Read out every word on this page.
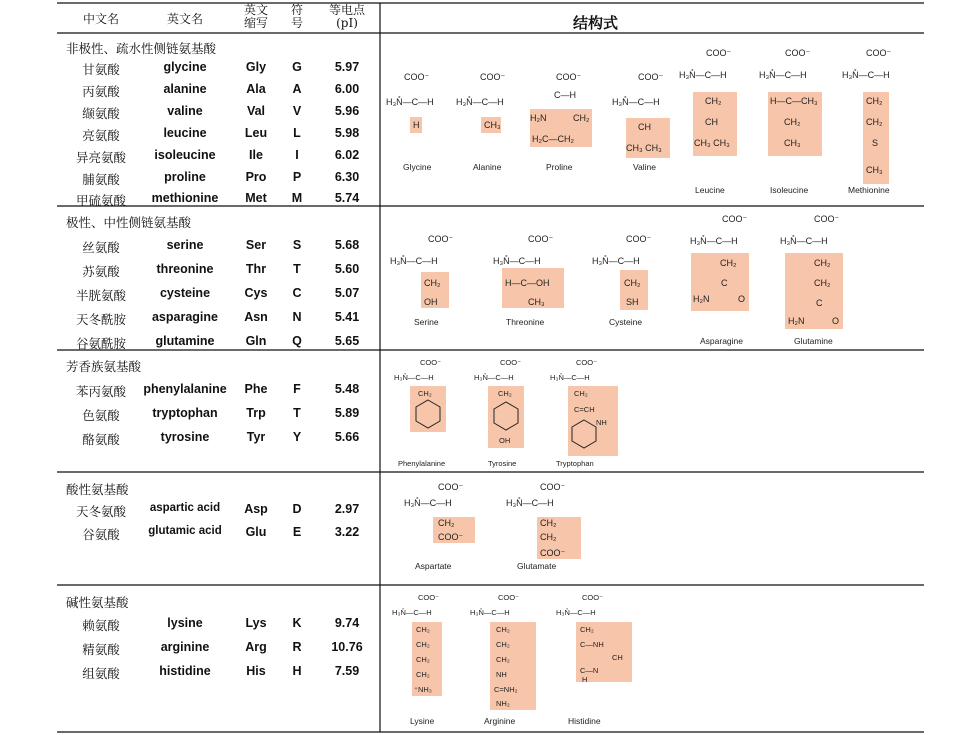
中文名	英文名
英文
缩写
符
号
等电点
(pI)	结构式
非极性、疏水性侧链氨基酸
极性、中性侧链氨基酸
芳香族氨基酸
酸性氨基酸
碱性氨基酸
甘氨酸	glycine	Gly	G	5.97
丙氨酸	alanine	Ala	A	6.00
缬氨酸	valine	Val	V	5.96
亮氨酸	leucine	Leu	L	5.98
异亮氨酸	isoleucine	Ile	I	6.02
脯氨酸	proline	Pro	P	6.30
甲硫氨酸	methionine	Met	M	5.74
丝氨酸	serine	Ser	S	5.68
苏氨酸	threonine	Thr	T	5.60
半胱氨酸	cysteine	Cys	C	5.07
天冬酰胺	asparagine	Asn	N	5.41
谷氨酰胺	glutamine	Gln	Q	5.65
苯丙氨酸	phenylalanine	Phe	F	5.48
色氨酸	tryptophan	Trp	T	5.89
酪氨酸	tyrosine	Tyr	Y	5.66
天冬氨酸	aspartic acid	Asp	D	2.97
谷氨酸	glutamic acid	Glu	E	3.22
赖氨酸	lysine	Lys	K	9.74
精氨酸	arginine	Arg	R	10.76
组氨酸	histidine	His	H	7.59
COO⁻
H₃N̊—C—H
H
COO⁻
H₃N̊—C—H
CH₃
COO⁻
C—H
H₂N	CH₂
H₂C—CH₂
COO⁻
H₃N̊—C—H
CH
CH₃ CH₃
COO⁻
H₃N̊—C—H
CH₂
CH
CH₃ CH₃
COO⁻
H₃N̊—C—H
H—C—CH₃
CH₂
CH₃
COO⁻
H₃N̊—C—H
CH₂
CH₂
S
CH₃
COO⁻
H₃N̊—C—H
CH₂
OH
COO⁻
H₃N̊—C—H
H—C—OH
CH₃
COO⁻
H₃N̊—C—H
CH₂
SH
COO⁻
H₃N̊—C—H
CH₂
C
H₂N	O
COO⁻
H₃N̊—C—H
CH₂
CH₂
C
H₂N	O
COO⁻
H₃N̊—C—H
CH₂
COO⁻
H₃N̊—C—H
CH₂
OH
COO⁻
H₃N̊—C—H
CH₂
C=CH
NH
COO⁻
H₃N̊—C—H
CH₂
COO⁻
COO⁻
H₃N̊—C—H
CH₂
CH₂
COO⁻
COO⁻
H₃N̊—C—H
CH₂
CH₂
CH₂
CH₂
⁺NH₃
COO⁻
H₃N̊—C—H
CH₂
CH₂
CH₂
NH
C=NH₂
NH₂
COO⁻
H₃N̊—C—H
CH₂
C—NH
CH
C—N
H
Glycine	Alanine	Proline	Valine
Leucine	Isoleucine	Methionine
Serine	Threonine	Cysteine
Asparagine	Glutamine
Phenylalanine	Tyrosine	Tryptophan
Aspartate	Glutamate
Lysine	Arginine	Histidine
